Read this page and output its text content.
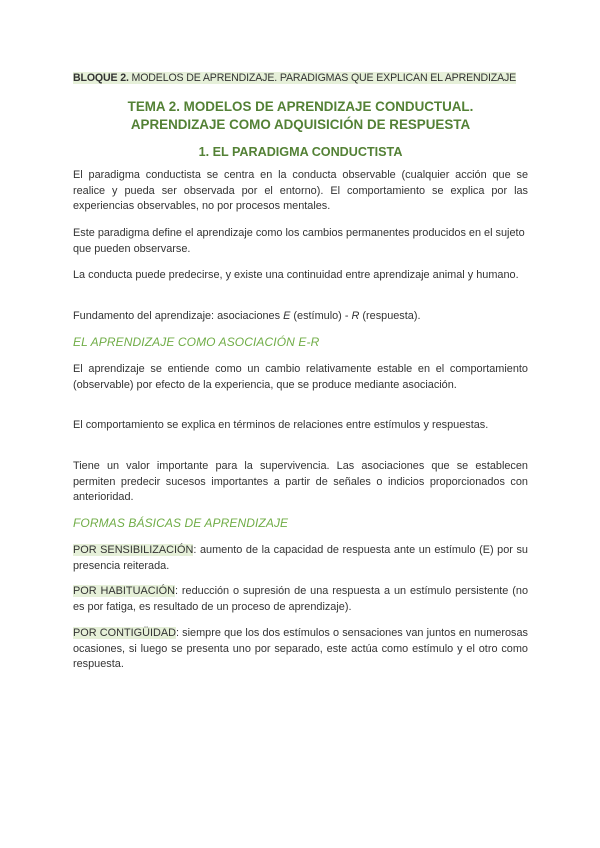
BLOQUE 2. MODELOS DE APRENDIZAJE. PARADIGMAS QUE EXPLICAN EL APRENDIZAJE
TEMA 2. MODELOS DE APRENDIZAJE CONDUCTUAL.
APRENDIZAJE COMO ADQUISICIÓN DE RESPUESTA
1. EL PARADIGMA CONDUCTISTA

El paradigma conductista se centra en la conducta observable (cualquier acción que se realice y pueda ser observada por el entorno). El comportamiento se explica por las experiencias observables, no por procesos mentales.

Este paradigma define el aprendizaje como los cambios permanentes producidos en el sujeto que pueden observarse.

La conducta puede predecirse, y existe una continuidad entre aprendizaje animal y humano.

Fundamento del aprendizaje: asociaciones E (estímulo) - R (respuesta).

EL APRENDIZAJE COMO ASOCIACIÓN E-R

El aprendizaje se entiende como un cambio relativamente estable en el comportamiento (observable) por efecto de la experiencia, que se produce mediante asociación.

El comportamiento se explica en términos de relaciones entre estímulos y respuestas.

Tiene un valor importante para la supervivencia. Las asociaciones que se establecen permiten predecir sucesos importantes a partir de señales o indicios proporcionados con anterioridad.

FORMAS BÁSICAS DE APRENDIZAJE

POR SENSIBILIZACIÓN: aumento de la capacidad de respuesta ante un estímulo (E) por su presencia reiterada.

POR HABITUACIÓN: reducción o supresión de una respuesta a un estímulo persistente (no es por fatiga, es resultado de un proceso de aprendizaje).

POR CONTIGÜIDAD: siempre que los dos estímulos o sensaciones van juntos en numerosas ocasiones, si luego se presenta uno por separado, este actúa como estímulo y el otro como respuesta.
